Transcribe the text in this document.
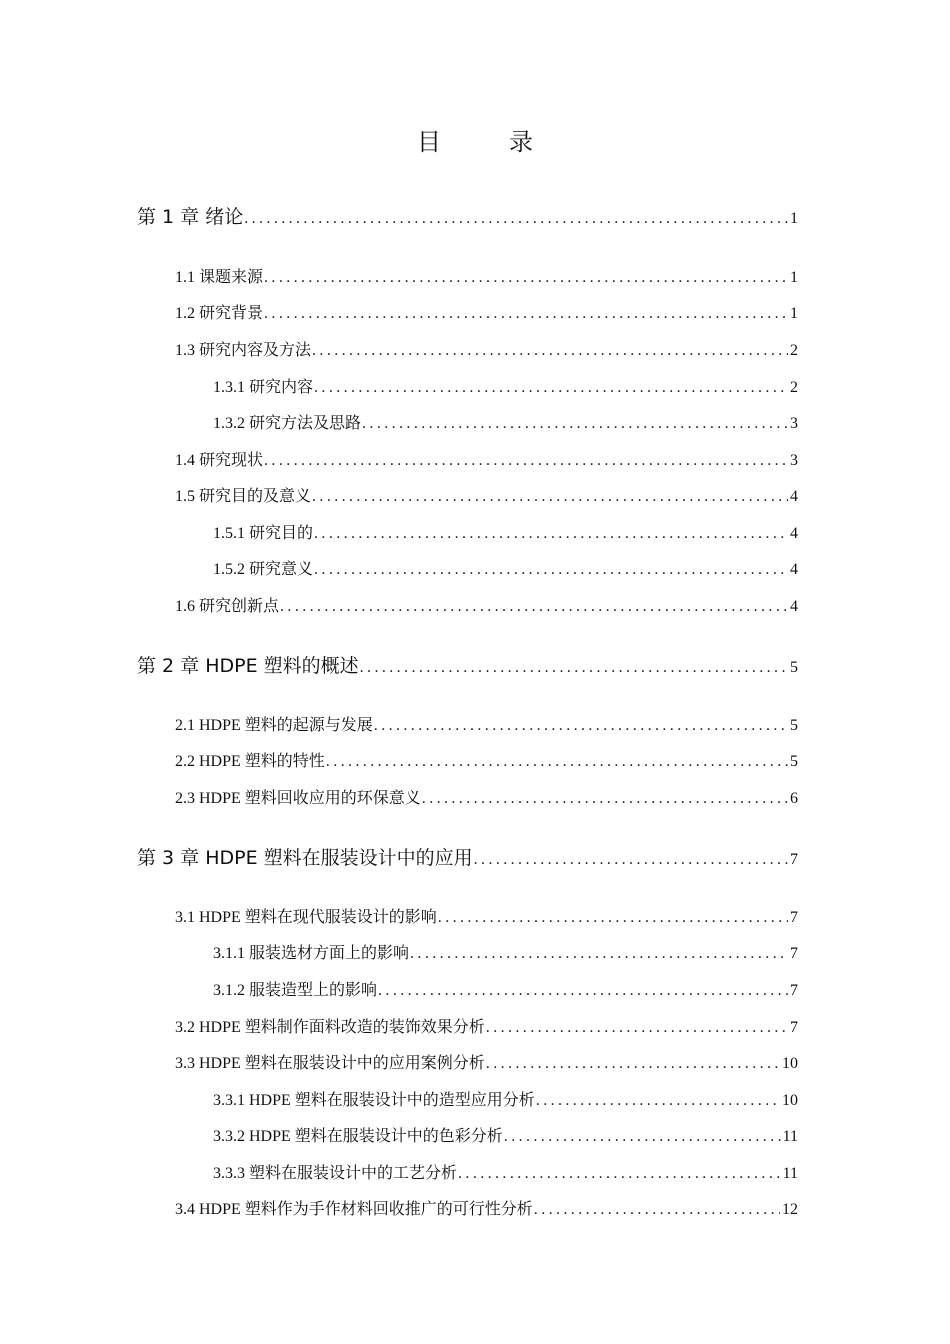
目　录
第 1 章 绪论 .....	1
1.1 课题来源 .....	1
1.2 研究背景 .....	1
1.3 研究内容及方法 .....	2
1.3.1 研究内容 .....	2
1.3.2 研究方法及思路 .....	3
1.4 研究现状 .....	3
1.5 研究目的及意义 .....	4
1.5.1 研究目的 .....	4
1.5.2 研究意义 .....	4
1.6 研究创新点 .....	4
第 2 章 HDPE 塑料的概述 .....	5
2.1 HDPE 塑料的起源与发展 .....	5
2.2 HDPE 塑料的特性 .....	5
2.3 HDPE 塑料回收应用的环保意义 .....	6
第 3 章 HDPE 塑料在服装设计中的应用 .....	7
3.1 HDPE 塑料在现代服装设计的影响 .....	7
3.1.1 服装选材方面上的影响 .....	7
3.1.2 服装造型上的影响 .....	7
3.2 HDPE 塑料制作面料改造的装饰效果分析 .....	7
3.3 HDPE 塑料在服装设计中的应用案例分析 .....	10
3.3.1 HDPE 塑料在服装设计中的造型应用分析 .....	10
3.3.2 HDPE 塑料在服装设计中的色彩分析 .....	11
3.3.3 塑料在服装设计中的工艺分析 .....	11
3.4 HDPE 塑料作为手作材料回收推广的可行性分析 .....	12
